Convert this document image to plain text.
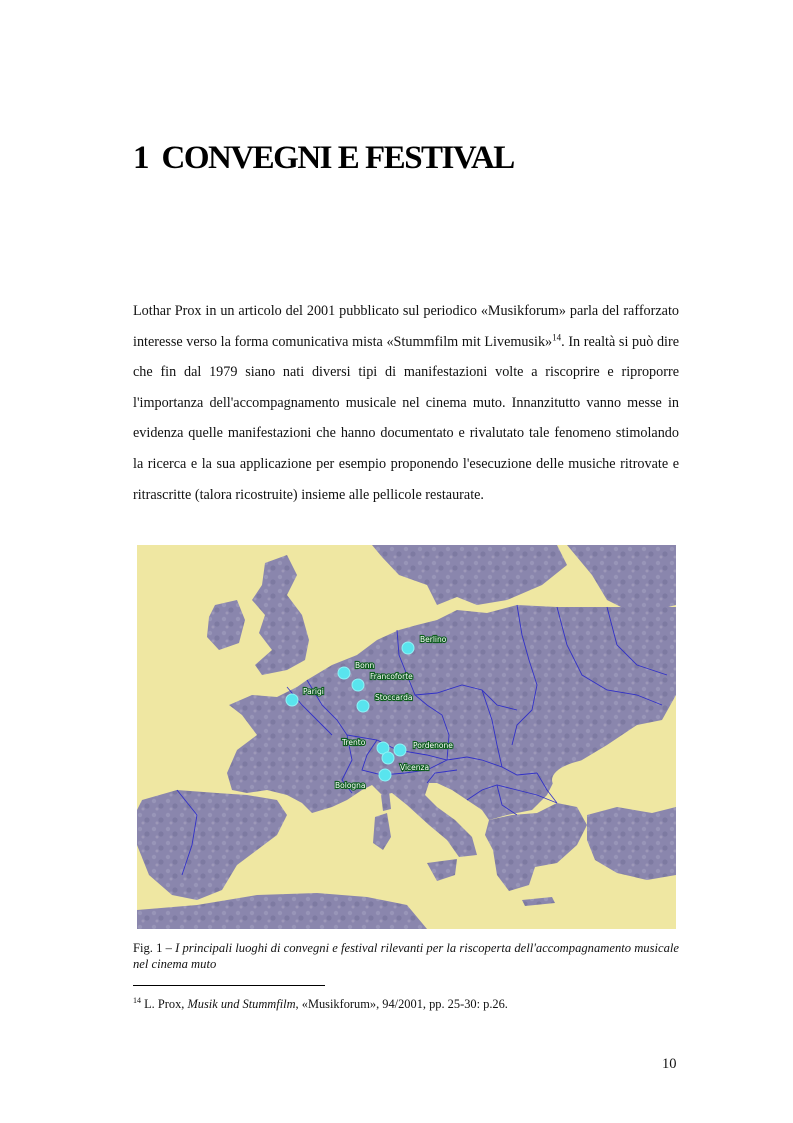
1 CONVEGNI E FESTIVAL

Lothar Prox in un articolo del 2001 pubblicato sul periodico «Musikforum» parla del rafforzato interesse verso la forma comunicativa mista «Stummfilm mit Livemusik»$^{14}$. In realtà si può dire che fin dal 1979 siano nati diversi tipi di manifestazioni volte a riscoprire e riproporre l'importanza dell'accompagnamento musicale nel cinema muto. Innanzitutto vanno messe in evidenza quelle manifestazioni che hanno documentato e rivalutato tale fenomeno stimolando la ricerca e la sua applicazione per esempio proponendo l'esecuzione delle musiche ritrovate e ritrascritte (talora ricostruite) insieme alle pellicole restaurate.

Berlino
Bonn
Francoforte
Parigi
Stoccarda
Trento	Pordenone
Vicenza
Bologna

Fig. 1 – I principali luoghi di convegni e festival rilevanti per la riscoperta dell'accompagnamento musicale nel cinema muto

$^{14}$ L. Prox, Musik und Stummfilm, «Musikforum», 94/2001, pp. 25-30: p.26.

10
